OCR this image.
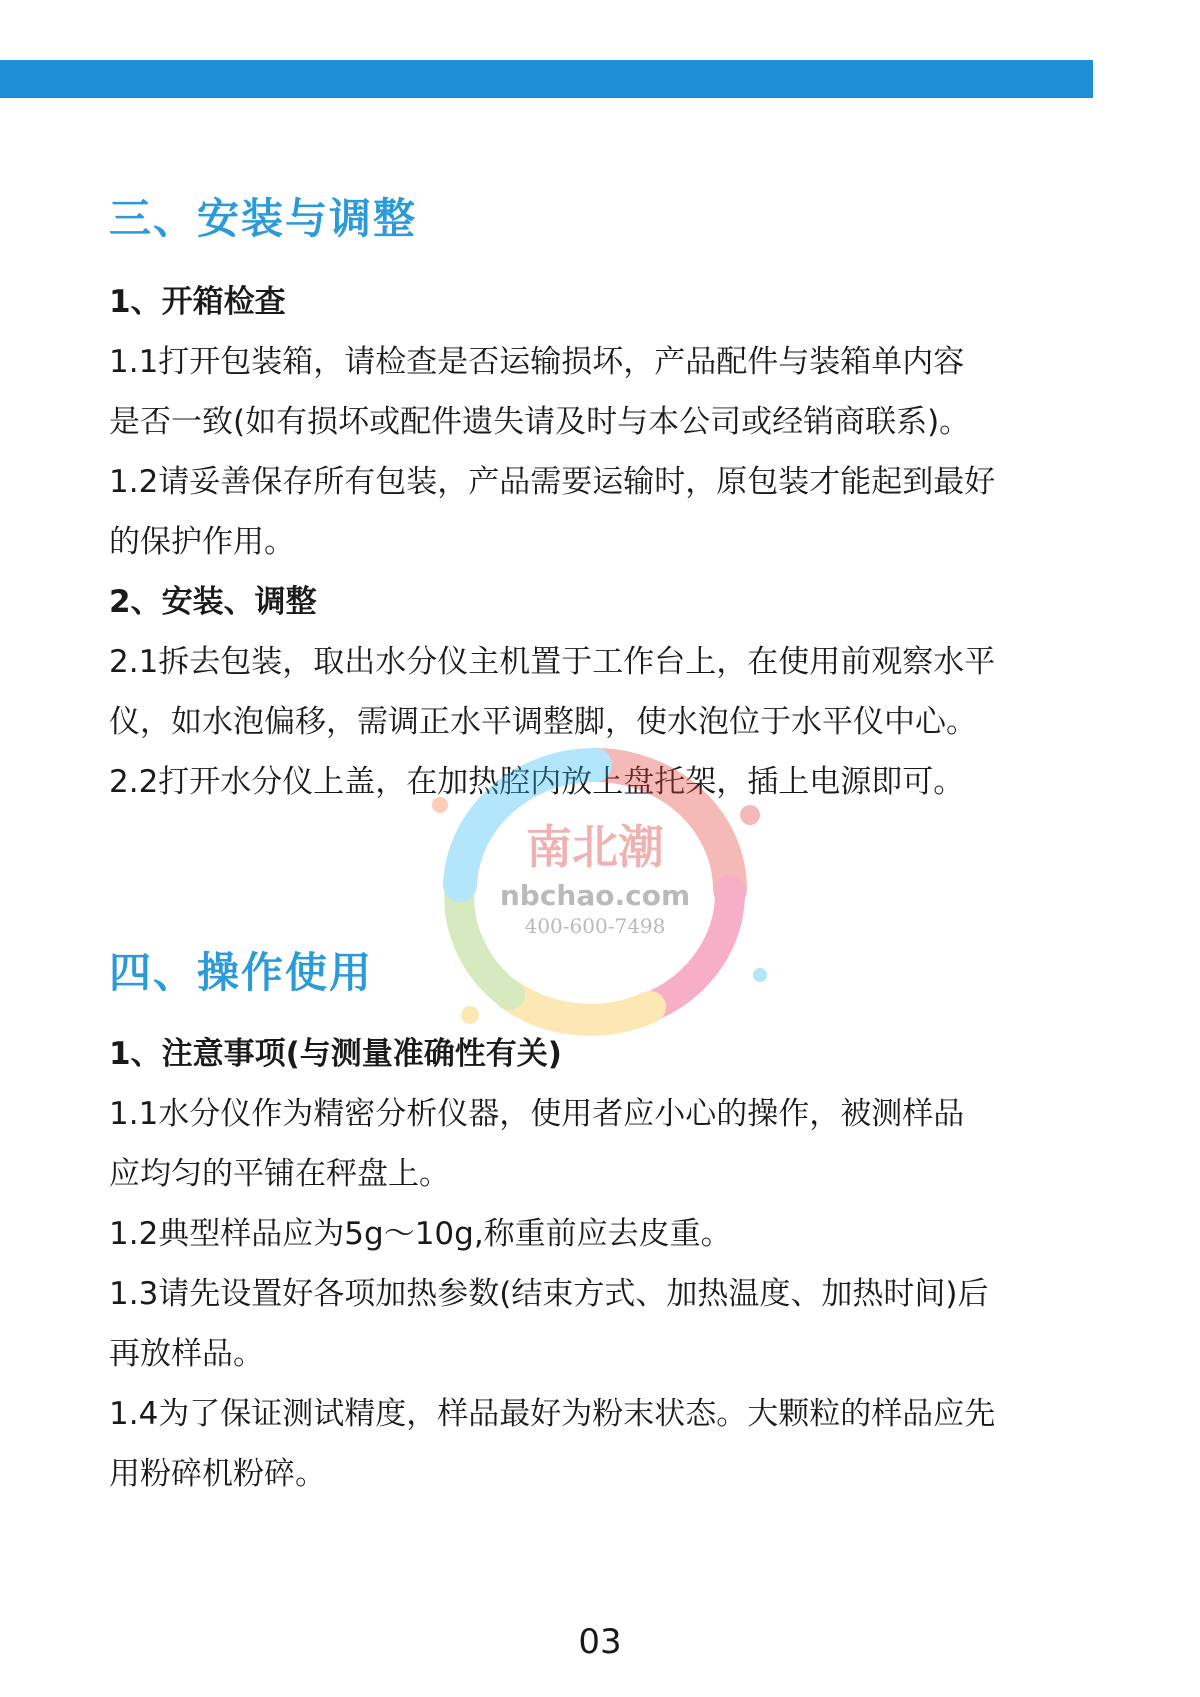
三、安装与调整
1、开箱检查

1.1打开包装箱，请检查是否运输损坏，产品配件与装箱单内容

是否一致(如有损坏或配件遗失请及时与本公司或经销商联系)。

1.2请妥善保存所有包装，产品需要运输时，原包装才能起到最好

的保护作用。

2、安装、调整

2.1拆去包装，取出水分仪主机置于工作台上，在使用前观察水平

仪，如水泡偏移，需调正水平调整脚，使水泡位于水平仪中心。

2.2打开水分仪上盖，在加热腔内放上盘托架，插上电源即可。

四、操作使用
1、注意事项(与测量准确性有关)

1.1水分仪作为精密分析仪器，使用者应小心的操作，被测样品

应均匀的平铺在秤盘上。

1.2典型样品应为5g～10g,称重前应去皮重。

1.3请先设置好各项加热参数(结束方式、加热温度、加热时间)后

再放样品。

1.4为了保证测试精度，样品最好为粉末状态。大颗粒的样品应先

用粉碎机粉碎。

南北潮
nbchao.com
400-600-7498
03
